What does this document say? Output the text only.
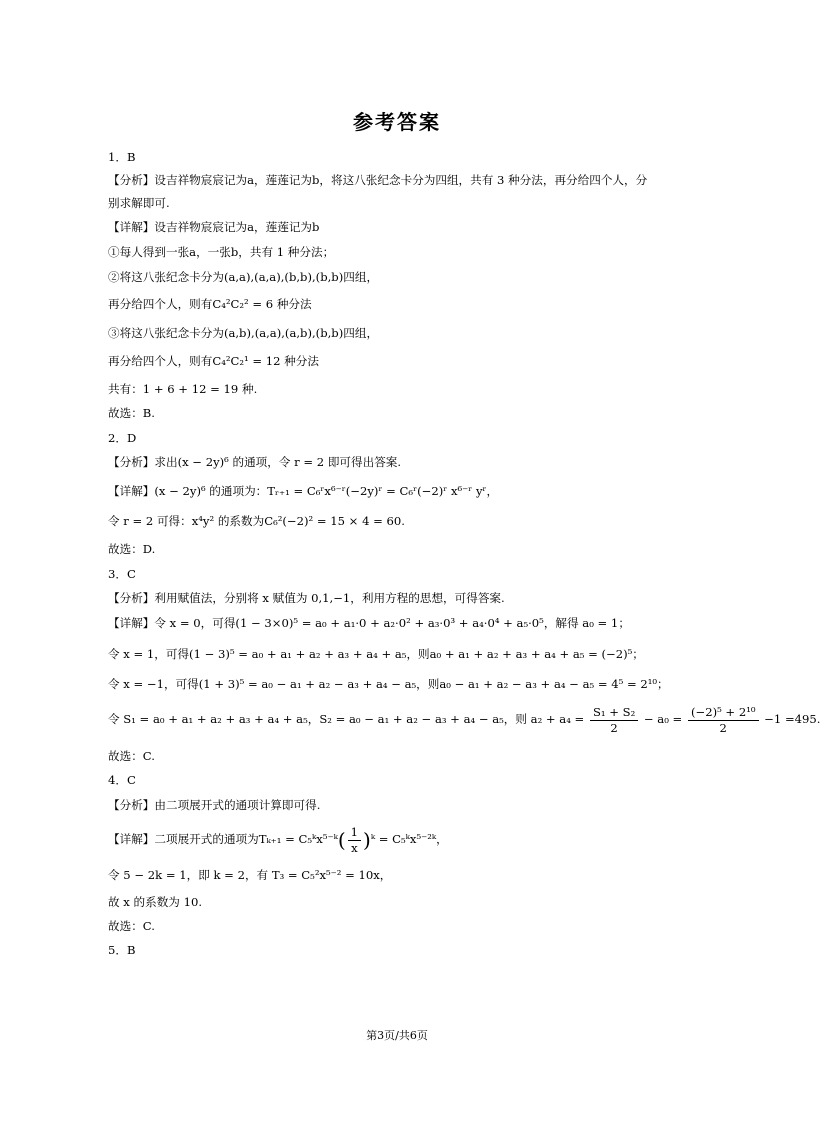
参考答案
1．B
【分析】设吉祥物宸宸记为a，莲莲记为b，将这八张纪念卡分为四组，共有 3 种分法，再分给四个人，分
别求解即可.
【详解】设吉祥物宸宸记为a，莲莲记为b
①每人得到一张a，一张b，共有 1 种分法；
②将这八张纪念卡分为(a,a),(a,a),(b,b),(b,b)四组，
再分给四个人，则有C₄²C₂² = 6 种分法
③将这八张纪念卡分为(a,b),(a,a),(a,b),(b,b)四组，
再分给四个人，则有C₄²C₂¹ = 12 种分法
共有：1 + 6 + 12 = 19 种.
故选：B.
2．D
【分析】求出(x − 2y)⁶ 的通项，令 r = 2 即可得出答案.
【详解】(x − 2y)⁶ 的通项为：Tᵣ₊₁ = C₆ʳx⁶⁻ʳ(−2y)ʳ = C₆ʳ(−2)ʳ x⁶⁻ʳ yʳ，
令 r = 2 可得：x⁴y² 的系数为C₆²(−2)² = 15 × 4 = 60.
故选：D.
3．C
【分析】利用赋值法，分别将 x 赋值为 0,1,−1，利用方程的思想，可得答案.
【详解】令 x = 0，可得(1 − 3×0)⁵ = a₀ + a₁·0 + a₂·0² + a₃·0³ + a₄·0⁴ + a₅·0⁵，解得 a₀ = 1；
令 x = 1，可得(1 − 3)⁵ = a₀ + a₁ + a₂ + a₃ + a₄ + a₅，则a₀ + a₁ + a₂ + a₃ + a₄ + a₅ = (−2)⁵；
令 x = −1，可得(1 + 3)⁵ = a₀ − a₁ + a₂ − a₃ + a₄ − a₅，则a₀ − a₁ + a₂ − a₃ + a₄ − a₅ = 4⁵ = 2¹⁰；
故选：C.
4．C
【分析】由二项展开式的通项计算即可得.
令 5 − 2k = 1，即 k = 2，有 T₃ = C₅²x⁵⁻² = 10x，
故 x 的系数为 10.
故选：C.
5．B
令 S₁ = a₀ + a₁ + a₂ + a₃ + a₄ + a₅，S₂ = a₀ − a₁ + a₂ − a₃ + a₄ − a₅，则 $a_2 + a_4 = \frac{\text{S₁ + S₂}}{2} - a_0 = \frac{\text{(−2)⁵ + 2¹⁰}}{2} -1 =495$.
【详解】二项展开式的通项为Tₖ₊₁ = C₅ᵏx⁵⁻ᵏ( $\frac{1}{x}$ )ᵏ = C₅ᵏx⁵⁻²ᵏ，
第3页/共6页
